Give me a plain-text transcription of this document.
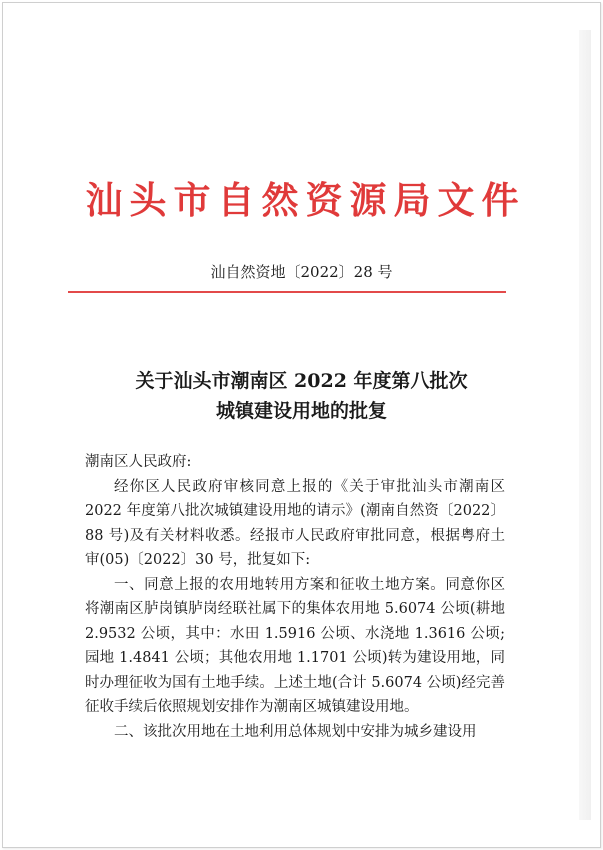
汕头市自然资源局文件
汕自然资地〔2022〕28 号
关于汕头市潮南区 2022 年度第八批次
城镇建设用地的批复

潮南区人民政府:

经你区人民政府审核同意上报的《关于审批汕头市潮南区 2022 年度第八批次城镇建设用地的请示》(潮南自然资〔2022〕88 号)及有关材料收悉。经报市人民政府审批同意，根据粤府土审(05)〔2022〕30 号，批复如下:

一、同意上报的农用地转用方案和征收土地方案。同意你区将潮南区胪岗镇胪岗经联社属下的集体农用地 5.6074 公顷(耕地 2.9532 公顷，其中：水田 1.5916 公顷、水浇地 1.3616 公顷;园地 1.4841 公顷；其他农用地 1.1701 公顷)转为建设用地，同时办理征收为国有土地手续。上述土地(合计 5.6074 公顷)经完善征收手续后依照规划安排作为潮南区城镇建设用地。

二、该批次用地在土地利用总体规划中安排为城乡建设用
